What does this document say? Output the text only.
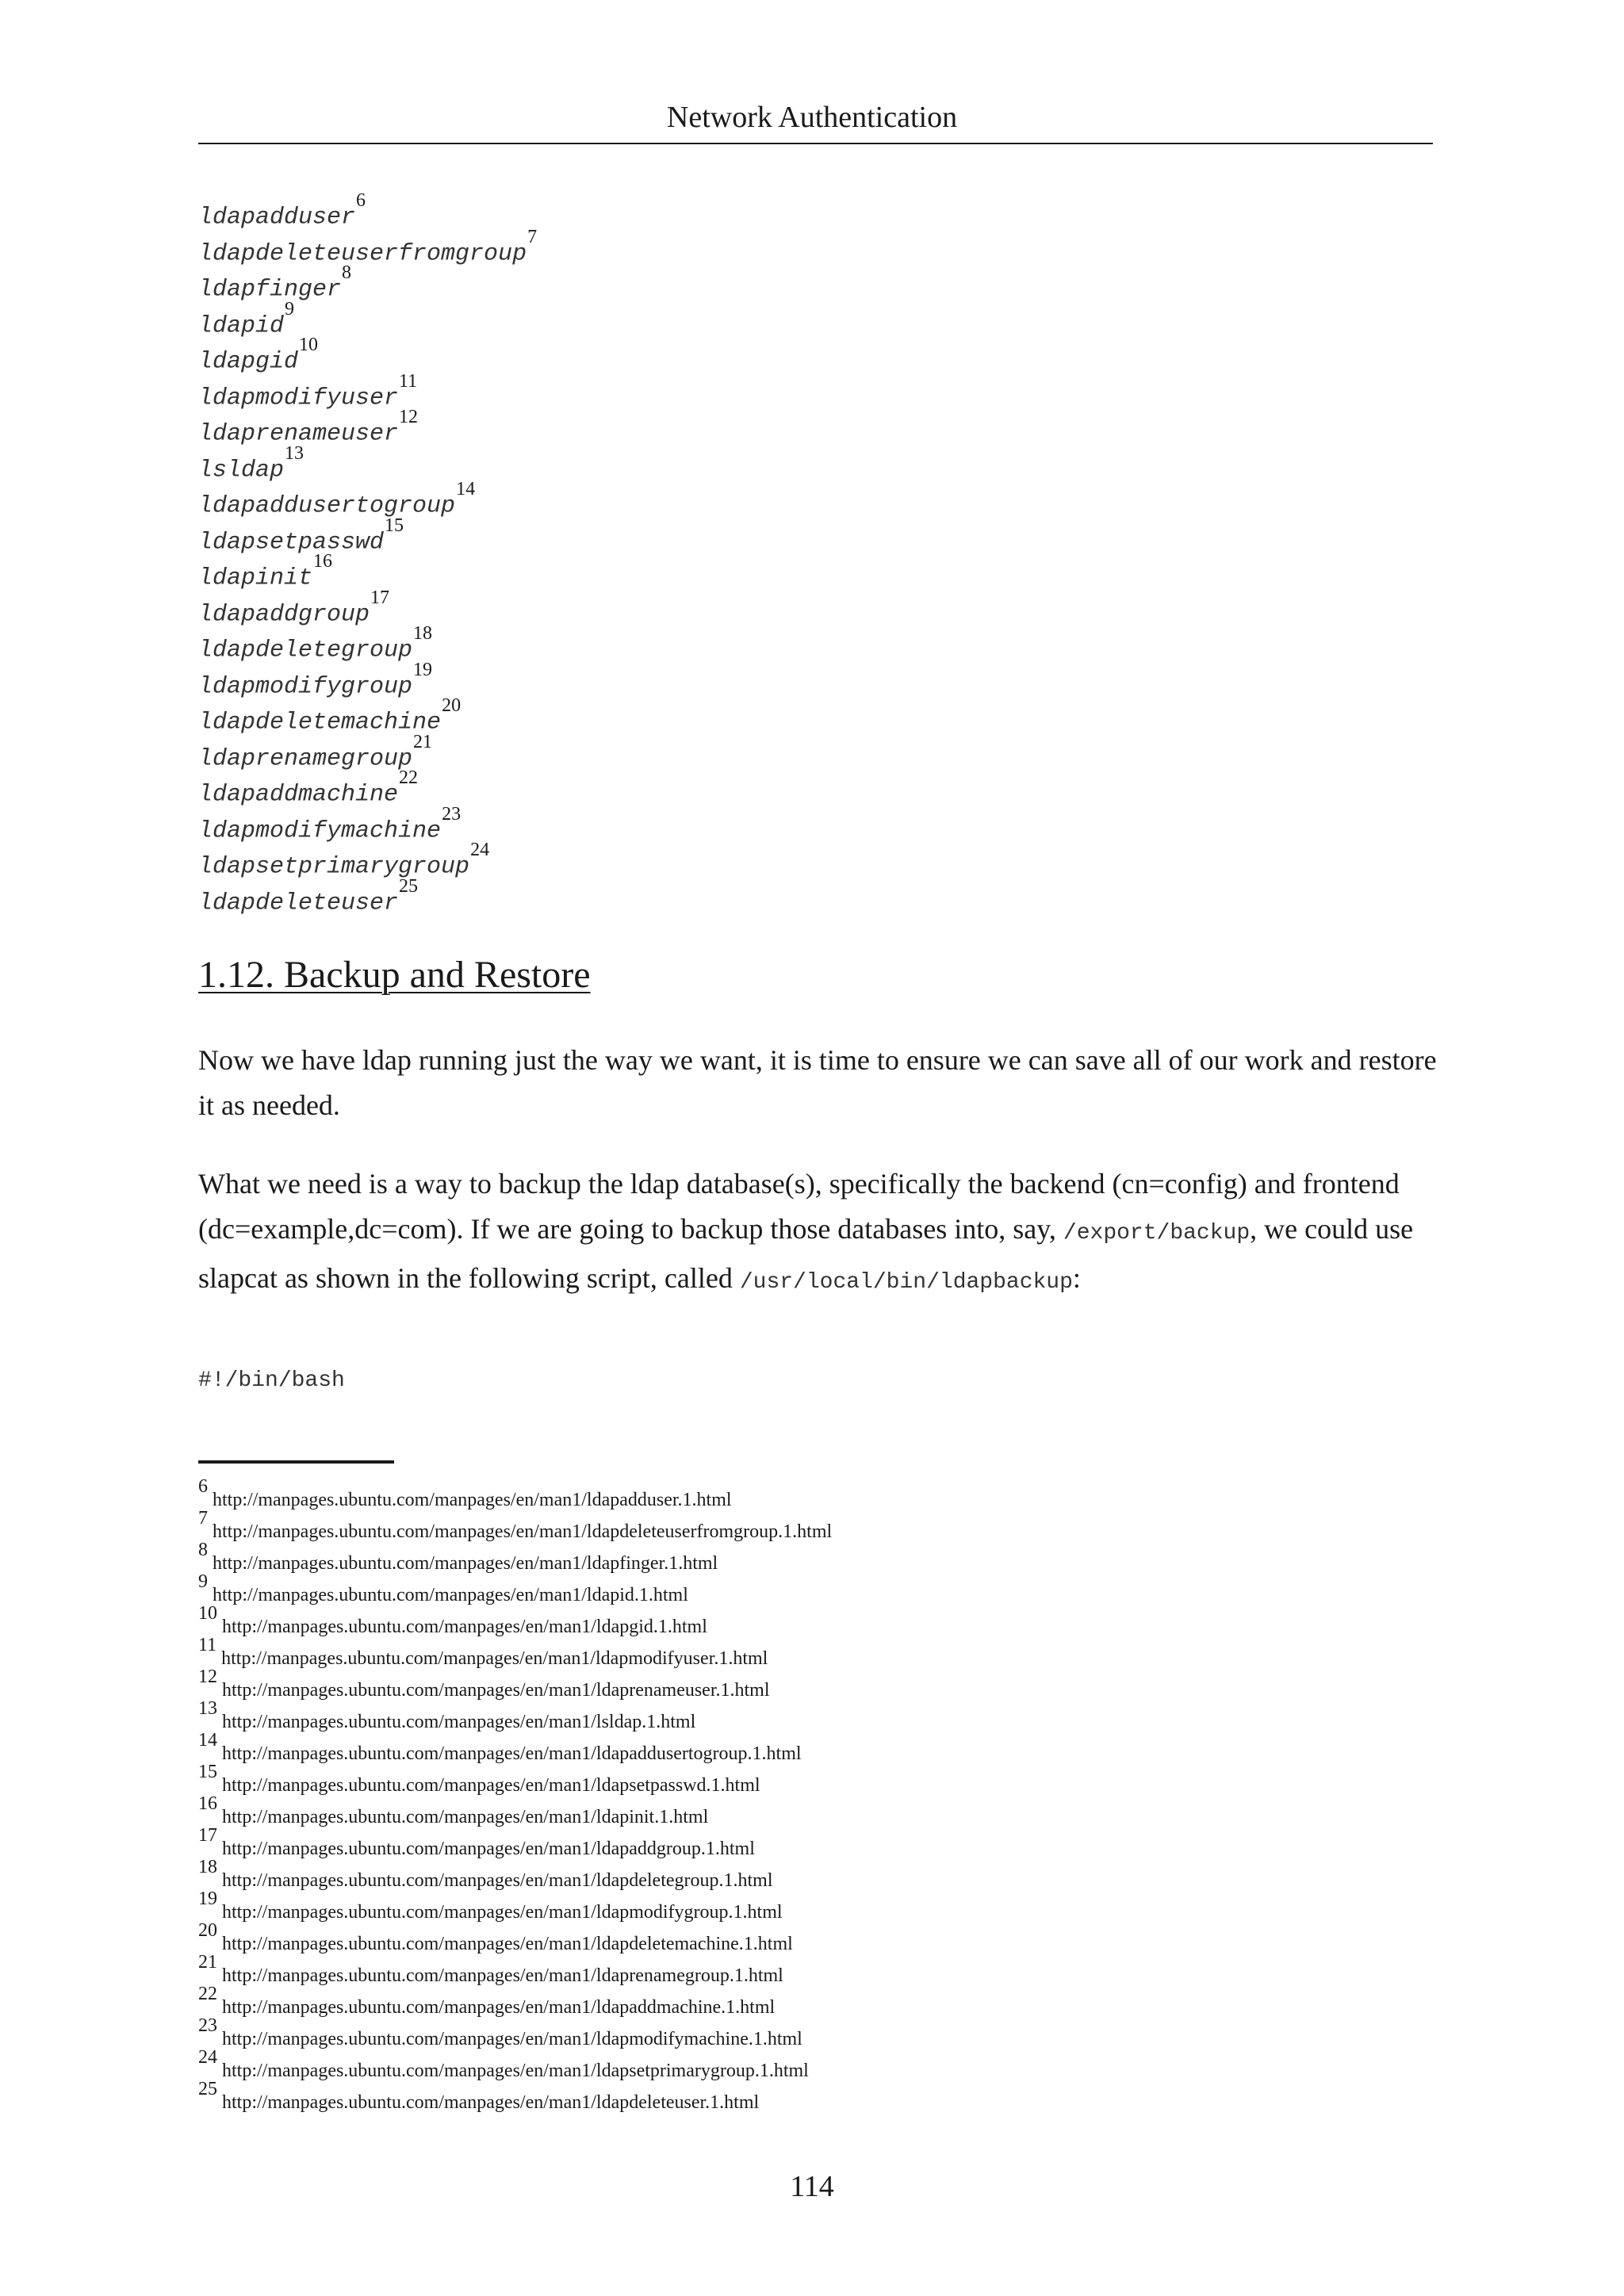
Network Authentication
ldapadduser$^6$
ldapdeleteuserfromgroup$^7$
ldapfinger$^8$
ldapid$^9$
ldapgid$^{10}$
ldapmodifyuser$^{11}$
ldaprenameuser$^{12}$
lsldap$^{13}$
ldapaddusertogroup$^{14}$
ldapsetpasswd$^{15}$
ldapinit$^{16}$
ldapaddgroup$^{17}$
ldapdeletegroup$^{18}$
ldapmodifygroup$^{19}$
ldapdeletemachine$^{20}$
ldaprenamegroup$^{21}$
ldapaddmachine$^{22}$
ldapmodifymachine$^{23}$
ldapsetprimarygroup$^{24}$
ldapdeleteuser$^{25}$
1.12. Backup and Restore

Now we have ldap running just the way we want, it is time to ensure we can save all of our work and restore it as needed.

What we need is a way to backup the ldap database(s), specifically the backend (cn=config) and frontend (dc=example,dc=com). If we are going to backup those databases into, say, /export/backup, we could use slapcat as shown in the following script, called /usr/local/bin/ldapbackup:

#!/bin/bash
$^6$http://manpages.ubuntu.com/manpages/en/man1/ldapadduser.1.html
$^7$http://manpages.ubuntu.com/manpages/en/man1/ldapdeleteuserfromgroup.1.html
$^8$http://manpages.ubuntu.com/manpages/en/man1/ldapfinger.1.html
$^9$http://manpages.ubuntu.com/manpages/en/man1/ldapid.1.html
$^{10}$http://manpages.ubuntu.com/manpages/en/man1/ldapgid.1.html
$^{11}$http://manpages.ubuntu.com/manpages/en/man1/ldapmodifyuser.1.html
$^{12}$http://manpages.ubuntu.com/manpages/en/man1/ldaprenameuser.1.html
$^{13}$http://manpages.ubuntu.com/manpages/en/man1/lsldap.1.html
$^{14}$http://manpages.ubuntu.com/manpages/en/man1/ldapaddusertogroup.1.html
$^{15}$http://manpages.ubuntu.com/manpages/en/man1/ldapsetpasswd.1.html
$^{16}$http://manpages.ubuntu.com/manpages/en/man1/ldapinit.1.html
$^{17}$http://manpages.ubuntu.com/manpages/en/man1/ldapaddgroup.1.html
$^{18}$http://manpages.ubuntu.com/manpages/en/man1/ldapdeletegroup.1.html
$^{19}$http://manpages.ubuntu.com/manpages/en/man1/ldapmodifygroup.1.html
$^{20}$http://manpages.ubuntu.com/manpages/en/man1/ldapdeletemachine.1.html
$^{21}$http://manpages.ubuntu.com/manpages/en/man1/ldaprenamegroup.1.html
$^{22}$http://manpages.ubuntu.com/manpages/en/man1/ldapaddmachine.1.html
$^{23}$http://manpages.ubuntu.com/manpages/en/man1/ldapmodifymachine.1.html
$^{24}$http://manpages.ubuntu.com/manpages/en/man1/ldapsetprimarygroup.1.html
$^{25}$http://manpages.ubuntu.com/manpages/en/man1/ldapdeleteuser.1.html
114
